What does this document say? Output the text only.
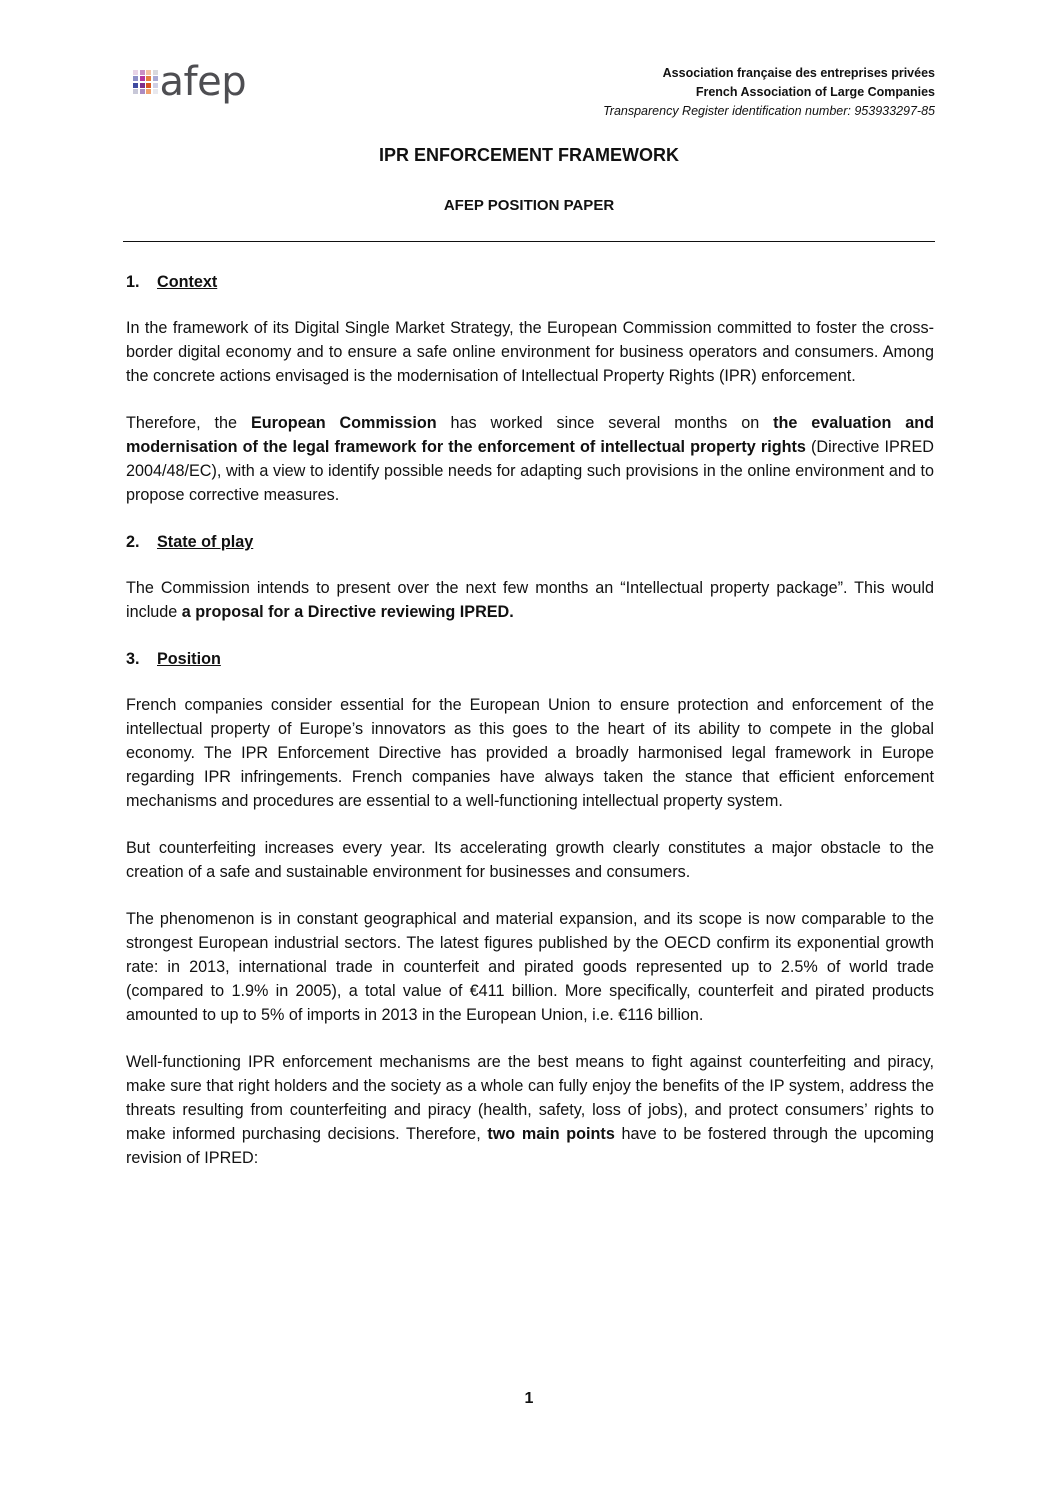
afep	Association française des entreprises privées
French Association of Large Companies
Transparency Register identification number: 953933297-85
IPR ENFORCEMENT FRAMEWORK
AFEP POSITION PAPER
1. Context

In the framework of its Digital Single Market Strategy, the European Commission committed to foster the cross-border digital economy and to ensure a safe online environment for business operators and consumers. Among the concrete actions envisaged is the modernisation of Intellectual Property Rights (IPR) enforcement.

Therefore, the European Commission has worked since several months on the evaluation and modernisation of the legal framework for the enforcement of intellectual property rights (Directive IPRED 2004/48/EC), with a view to identify possible needs for adapting such provisions in the online environment and to propose corrective measures.

2. State of play

The Commission intends to present over the next few months an “Intellectual property package”. This would include a proposal for a Directive reviewing IPRED.

3. Position

French companies consider essential for the European Union to ensure protection and enforcement of the intellectual property of Europe’s innovators as this goes to the heart of its ability to compete in the global economy. The IPR Enforcement Directive has provided a broadly harmonised legal framework in Europe regarding IPR infringements. French companies have always taken the stance that efficient enforcement mechanisms and procedures are essential to a well-functioning intellectual property system.

But counterfeiting increases every year. Its accelerating growth clearly constitutes a major obstacle to the creation of a safe and sustainable environment for businesses and consumers.

The phenomenon is in constant geographical and material expansion, and its scope is now comparable to the strongest European industrial sectors. The latest figures published by the OECD confirm its exponential growth rate: in 2013, international trade in counterfeit and pirated goods represented up to 2.5% of world trade (compared to 1.9% in 2005), a total value of €411 billion. More specifically, counterfeit and pirated products amounted to up to 5% of imports in 2013 in the European Union, i.e. €116 billion.

Well-functioning IPR enforcement mechanisms are the best means to fight against counterfeiting and piracy, make sure that right holders and the society as a whole can fully enjoy the benefits of the IP system, address the threats resulting from counterfeiting and piracy (health, safety, loss of jobs), and protect consumers’ rights to make informed purchasing decisions. Therefore, two main points have to be fostered through the upcoming revision of IPRED:

1
